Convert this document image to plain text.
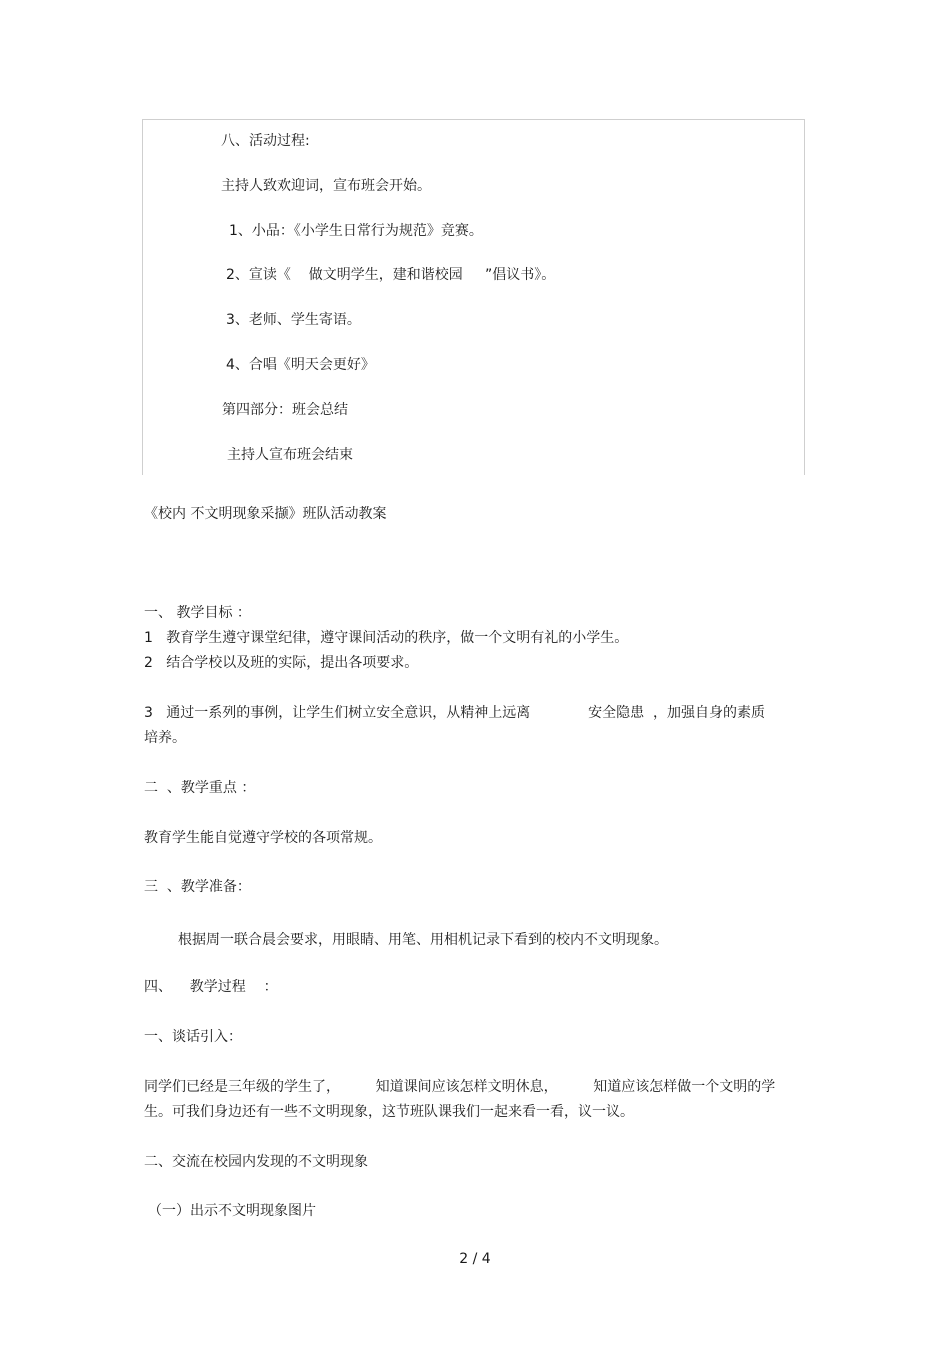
八、活动过程:
主持人致欢迎词，宣布班会开始。
1、小品：《小学生日常行为规范》竞赛。
2、宣读《    做文明学生，建和谐校园     ”倡议书》。
3、老师、学生寄语。
4、合唱《明天会更好》
第四部分：班会总结
主持人宣布班会结束
《校内 不文明现象采撷》班队活动教案
一、 教学目标 ：
1   教育学生遵守课堂纪律，遵守课间活动的秩序，做一个文明有礼的小学生。
2   结合学校以及班的实际，提出各项要求。
3   通过一系列的事例，让学生们树立安全意识，从精神上远离             安全隐患  ，加强自身的素质
培养。
二  、教学重点 ：
教育学生能自觉遵守学校的各项常规。
三  、教学准备：
根据周一联合晨会要求，用眼睛、用笔、用相机记录下看到的校内不文明现象。
四、    教学过程    ：
一、谈话引入：
同学们已经是三年级的学生了，        知道课间应该怎样文明休息，        知道应该怎样做一个文明的学
生。可我们身边还有一些不文明现象，这节班队课我们一起来看一看，议一议。
二、交流在校园内发现的不文明现象
（一）出示不文明现象图片
2 / 4
